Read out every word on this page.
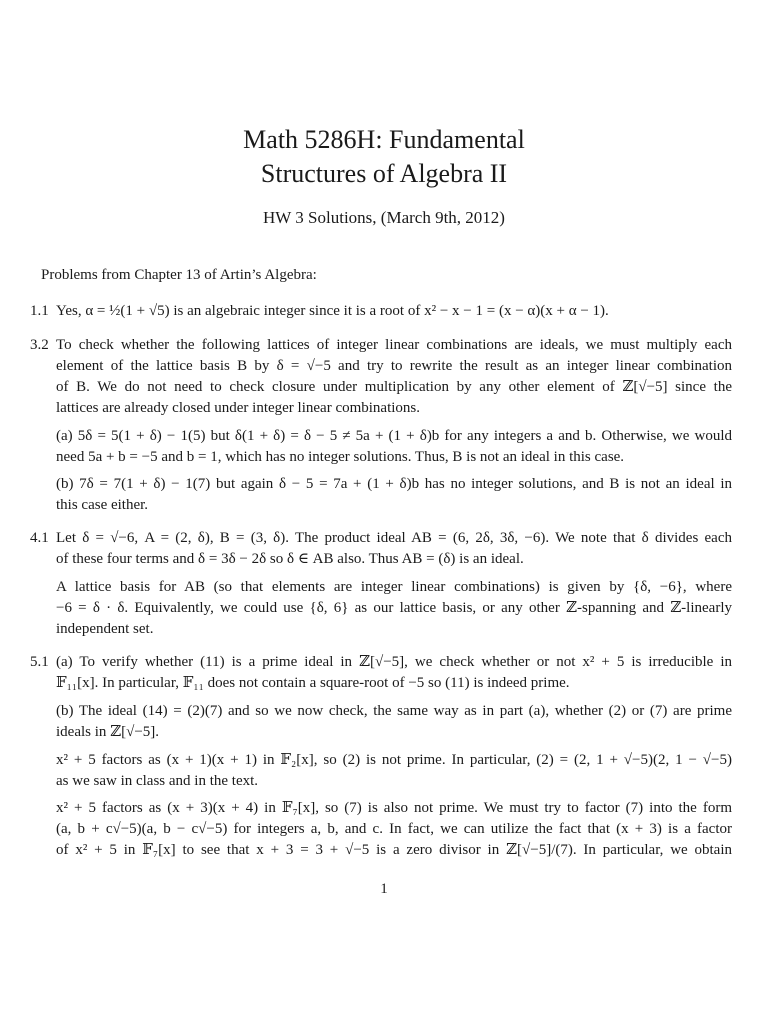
Math 5286H: Fundamental
Structures of Algebra II
HW 3 Solutions, (March 9th, 2012)
Problems from Chapter 13 of Artin’s Algebra:
1.1 Yes, α = ½(1 + √5) is an algebraic integer since it is a root of x² − x − 1 = (x − α)(x + α − 1).
3.2 To check whether the following lattices of integer linear combinations are ideals, we must multiply each
element of the lattice basis B by δ = √−5 and try to rewrite the result as an integer linear combination
of B. We do not need to check closure under multiplication by any other element of ℤ[√−5] since the
lattices are already closed under integer linear combinations.
(a) 5δ = 5(1 + δ) − 1(5) but δ(1 + δ) = δ − 5 ≠ 5a + (1 + δ)b for any integers a and b. Otherwise, we would
need 5a + b = −5 and b = 1, which has no integer solutions. Thus, B is not an ideal in this case.
(b) 7δ = 7(1 + δ) − 1(7) but again δ − 5 = 7a + (1 + δ)b has no integer solutions, and B is not an ideal in
this case either.
4.1 Let δ = √−6, A = (2, δ), B = (3, δ). The product ideal AB = (6, 2δ, 3δ, −6). We note that δ divides each
of these four terms and δ = 3δ − 2δ so δ ∈ AB also. Thus AB = (δ) is an ideal.
A lattice basis for AB (so that elements are integer linear combinations) is given by {δ, −6}, where
−6 = δ · δ. Equivalently, we could use {δ, 6} as our lattice basis, or any other ℤ-spanning and ℤ-linearly
independent set.
5.1 (a) To verify whether (11) is a prime ideal in ℤ[√−5], we check whether or not x² + 5 is irreducible in
𝔽₁₁[x]. In particular, 𝔽₁₁ does not contain a square-root of −5 so (11) is indeed prime.
(b) The ideal (14) = (2)(7) and so we now check, the same way as in part (a), whether (2) or (7) are prime
ideals in ℤ[√−5].
x² + 5 factors as (x + 1)(x + 1) in 𝔽₂[x], so (2) is not prime. In particular, (2) = (2, 1 + √−5)(2, 1 − √−5)
as we saw in class and in the text.
x² + 5 factors as (x + 3)(x + 4) in 𝔽₇[x], so (7) is also not prime. We must try to factor (7) into the form
(a, b + c√−5)(a, b − c√−5) for integers a, b, and c. In fact, we can utilize the fact that (x + 3) is a factor
of x² + 5 in 𝔽₇[x] to see that x + 3 = 3 + √−5 is a zero divisor in ℤ[√−5]/(7). In particular, we obtain
1
